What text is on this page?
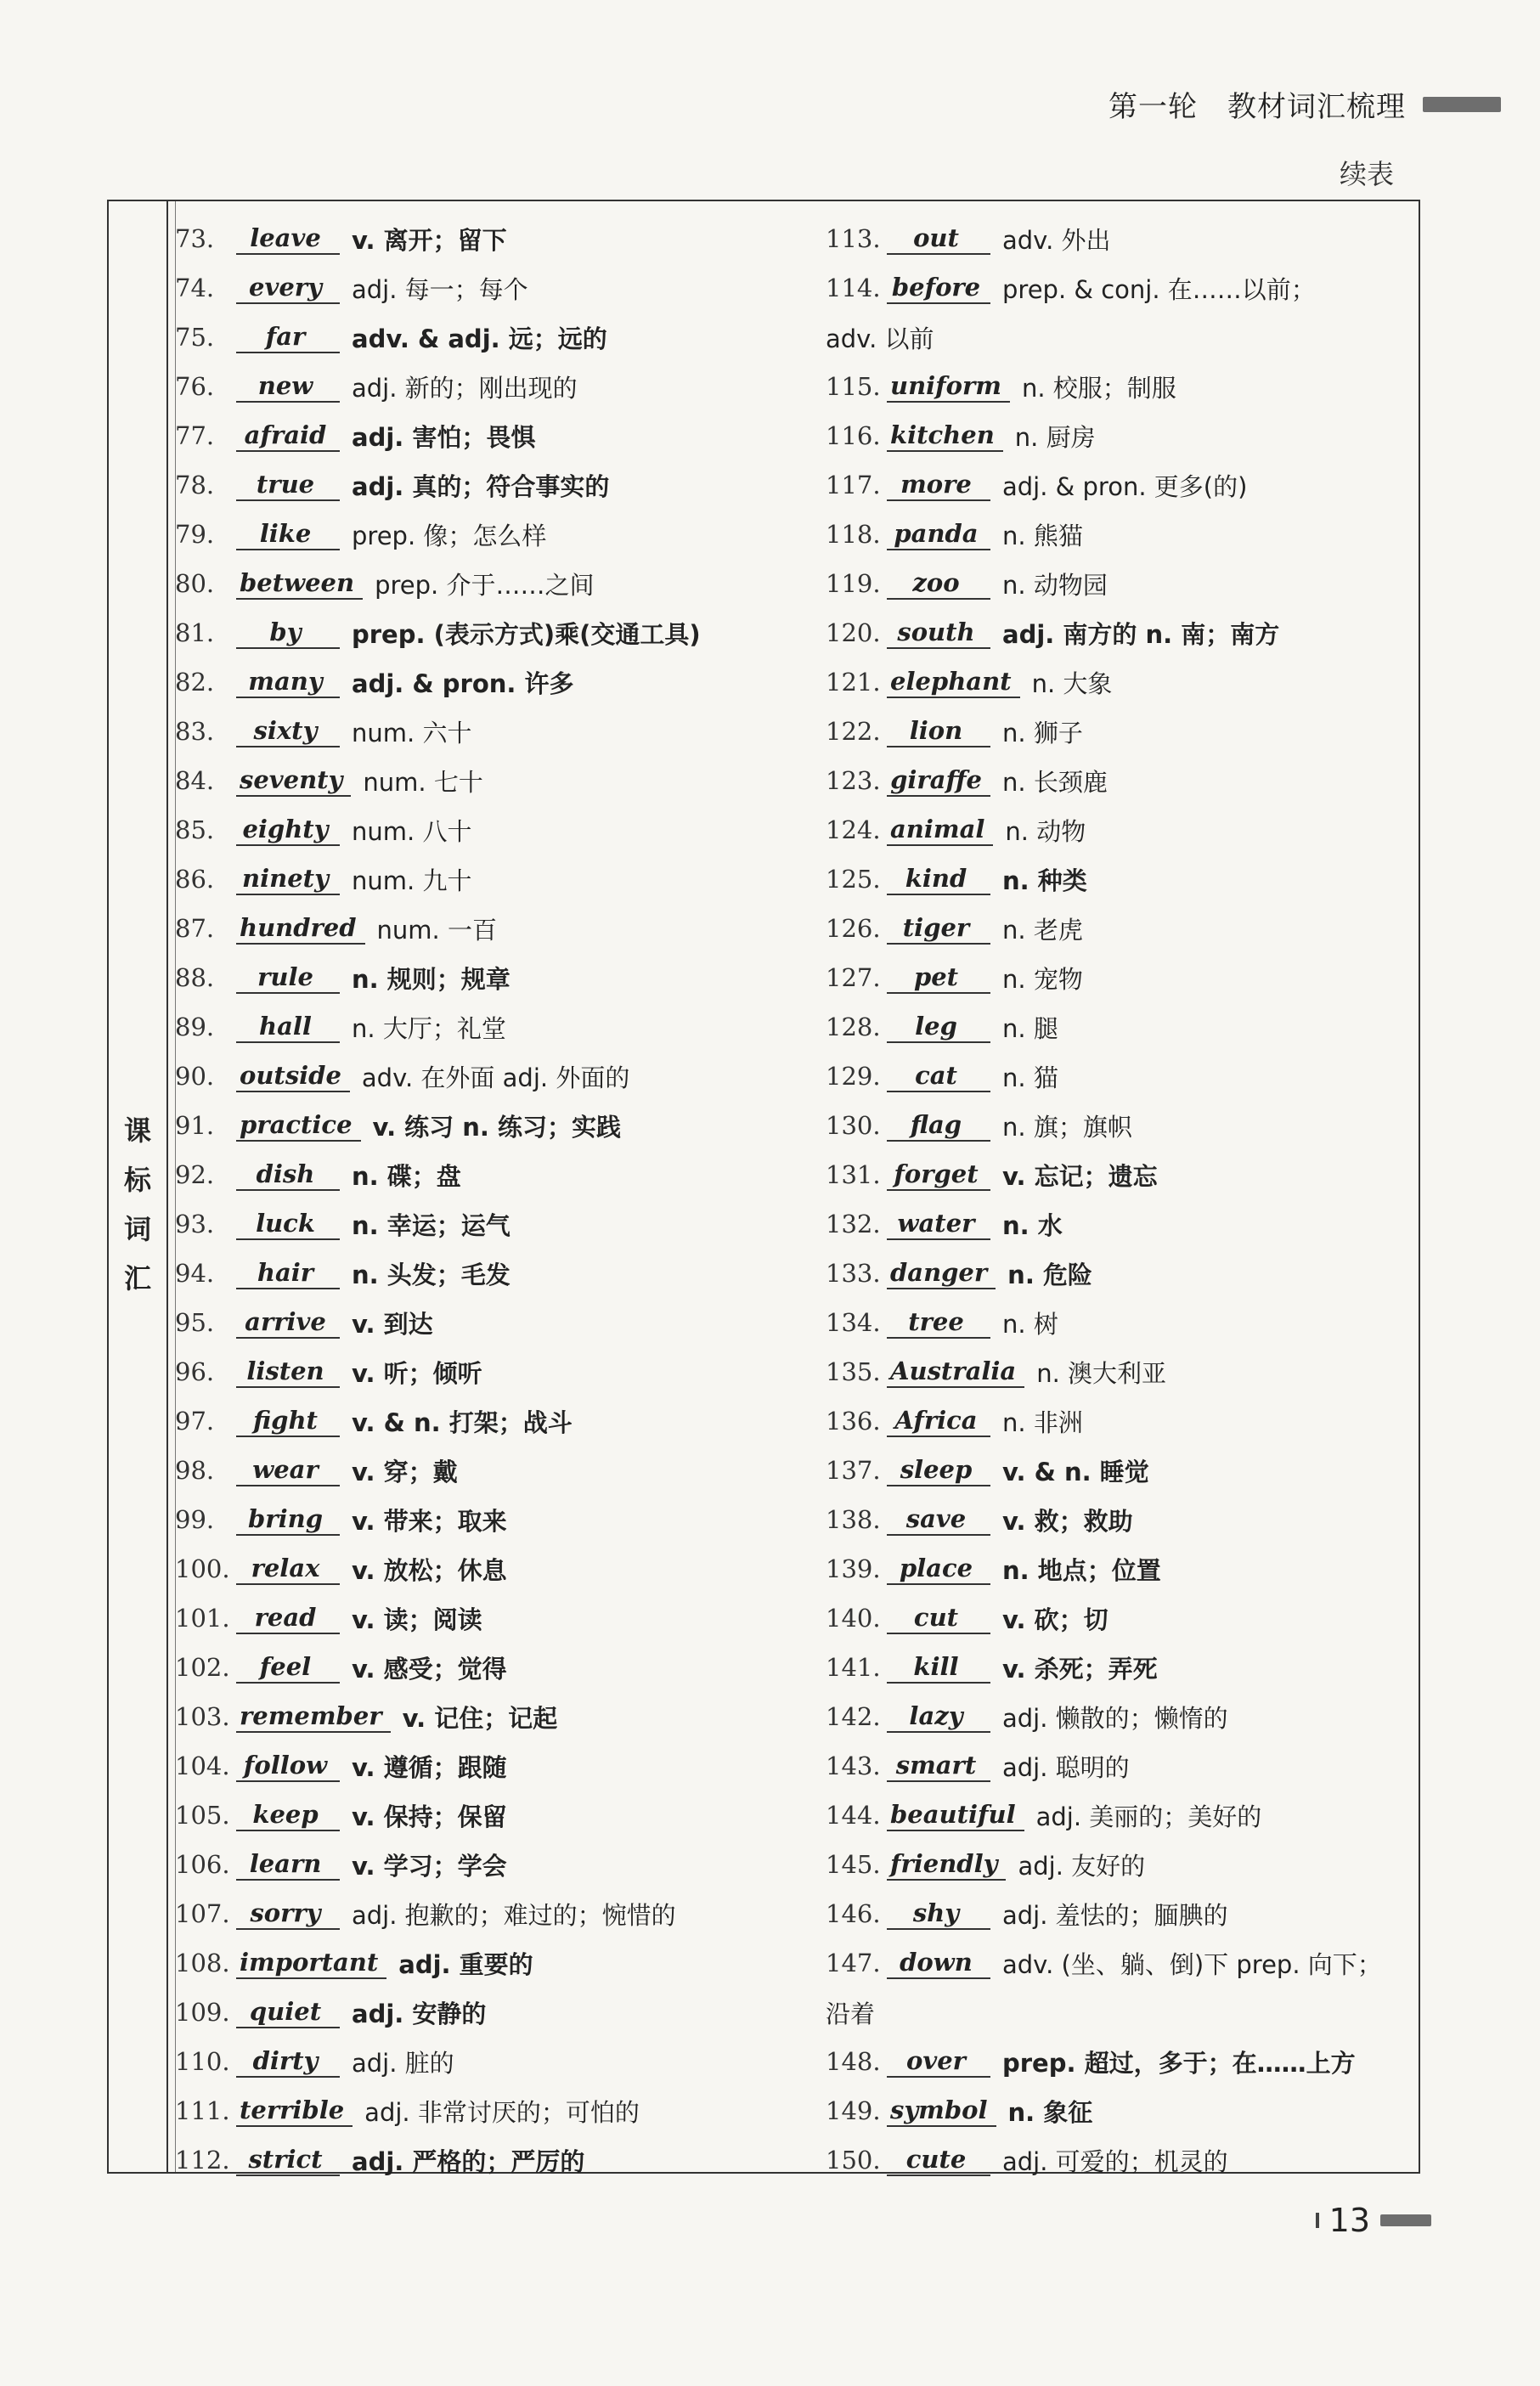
第一轮　教材词汇梳理
续表
课
标
词
汇
73.	leave	v. 离开；留下
74.	every	adj. 每一；每个
75.	far	adv. & adj. 远；远的
76.	new	adj. 新的；刚出现的
77.	afraid	adj. 害怕；畏惧
78.	true	adj. 真的；符合事实的
79.	like	prep. 像；怎么样
80.	between prep. 介于……之间
81.	by	prep. (表示方式)乘(交通工具)
82.	many	adj. & pron. 许多
83.	sixty	num. 六十
84.	seventy num. 七十
85.	eighty num. 八十
86.	ninety num. 九十
87.	hundred num. 一百
88.	rule	n. 规则；规章
89.	hall	n. 大厅；礼堂
90.	outside adv. 在外面 adj. 外面的
91.	practice v. 练习 n. 练习；实践
92.	dish	n. 碟；盘
93.	luck	n. 幸运；运气
94.	hair	n. 头发；毛发
95.	arrive	v. 到达
96.	listen	v. 听；倾听
97.	fight	v. & n. 打架；战斗
98.	wear	v. 穿；戴
99.	bring	v. 带来；取来
100. relax	v. 放松；休息
101.	read	v. 读；阅读
102.	feel	v. 感受；觉得
103. remember v. 记住；记起
104. follow v. 遵循；跟随
105. keep	v. 保持；保留
106. learn	v. 学习；学会
107. sorry	adj. 抱歉的；难过的；惋惜的
108. important adj. 重要的
109. quiet	adj. 安静的
110. dirty	adj. 脏的
111. terrible adj. 非常讨厌的；可怕的
112. strict	adj. 严格的；严厉的
113.	out	adv. 外出
114. before prep. & conj. 在……以前；
adv. 以前
115. uniform n. 校服；制服
116. kitchen n. 厨房
117. more	adj. & pron. 更多(的)
118. panda n. 熊猫
119.	zoo	n. 动物园
120. south	adj. 南方的 n. 南；南方
121. elephant n. 大象
122.	lion	n. 狮子
123. giraffe n. 长颈鹿
124. animal n. 动物
125.	kind	n. 种类
126. tiger	n. 老虎
127.	pet	n. 宠物
128.	leg	n. 腿
129.	cat	n. 猫
130.	flag	n. 旗；旗帜
131. forget v. 忘记；遗忘
132. water	n. 水
133. danger n. 危险
134.	tree	n. 树
135. Australia n. 澳大利亚
136. Africa	n. 非洲
137. sleep	v. & n. 睡觉
138.	save	v. 救；救助
139. place	n. 地点；位置
140.	cut	v. 砍；切
141.	kill	v. 杀死；弄死
142.	lazy	adj. 懒散的；懒惰的
143. smart	adj. 聪明的
144. beautiful adj. 美丽的；美好的
145. friendly adj. 友好的
146.	shy	adj. 羞怯的；腼腆的
147. down	adv. (坐、躺、倒)下 prep. 向下；
沿着
148.	over	prep. 超过，多于；在……上方
149. symbol n. 象征
150.	cute	adj. 可爱的；机灵的
13
